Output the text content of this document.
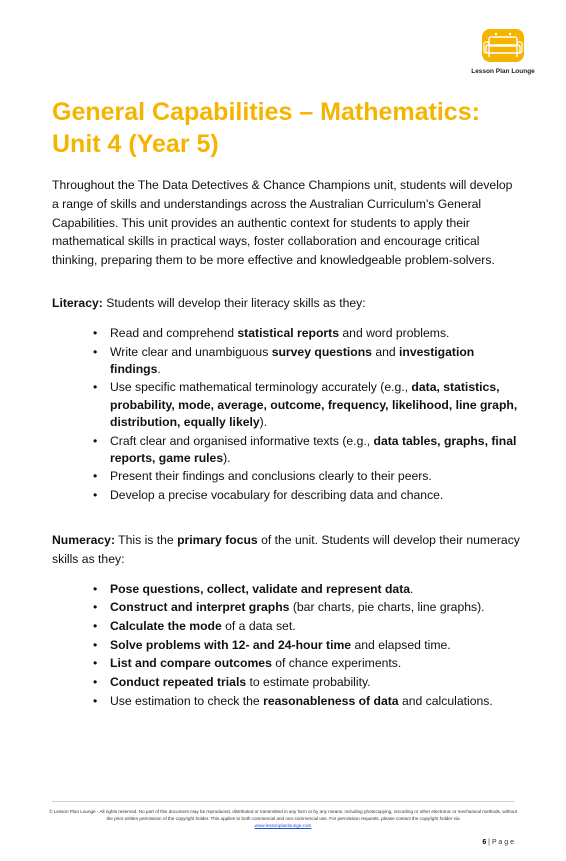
Lesson Plan Lounge
General Capabilities – Mathematics:
Unit 4 (Year 5)

Throughout the The Data Detectives & Chance Champions unit, students will develop a range of skills and understandings across the Australian Curriculum's General Capabilities. This unit provides an authentic context for students to apply their mathematical skills in practical ways, foster collaboration and encourage critical thinking, preparing them to be more effective and knowledgeable problem-solvers.

Literacy: Students will develop their literacy skills as they:

• Read and comprehend statistical reports and word problems.
• Write clear and unambiguous survey questions and investigation findings.
• Use specific mathematical terminology accurately (e.g., data, statistics, probability, mode, average, outcome, frequency, likelihood, line graph, distribution, equally likely).
• Craft clear and organised informative texts (e.g., data tables, graphs, final reports, game rules).
• Present their findings and conclusions clearly to their peers.
• Develop a precise vocabulary for describing data and chance.

Numeracy: This is the primary focus of the unit. Students will develop their numeracy skills as they:

• Pose questions, collect, validate and represent data.
• Construct and interpret graphs (bar charts, pie charts, line graphs).
• Calculate the mode of a data set.
• Solve problems with 12- and 24-hour time and elapsed time.
• List and compare outcomes of chance experiments.
• Conduct repeated trials to estimate probability.
• Use estimation to check the reasonableness of data and calculations.
© Lesson Plan Lounge - All rights reserved. No part of this document may be reproduced, distributed or transmitted in any form or by any means, including photocopying, recording or other electronic or mechanical methods, without the prior written permission of the copyright holder. This applies to both commercial and non-commercial use. For permission requests, please contact the copyright holder via
www.lessonplanlounge.com
6 | P a g e
